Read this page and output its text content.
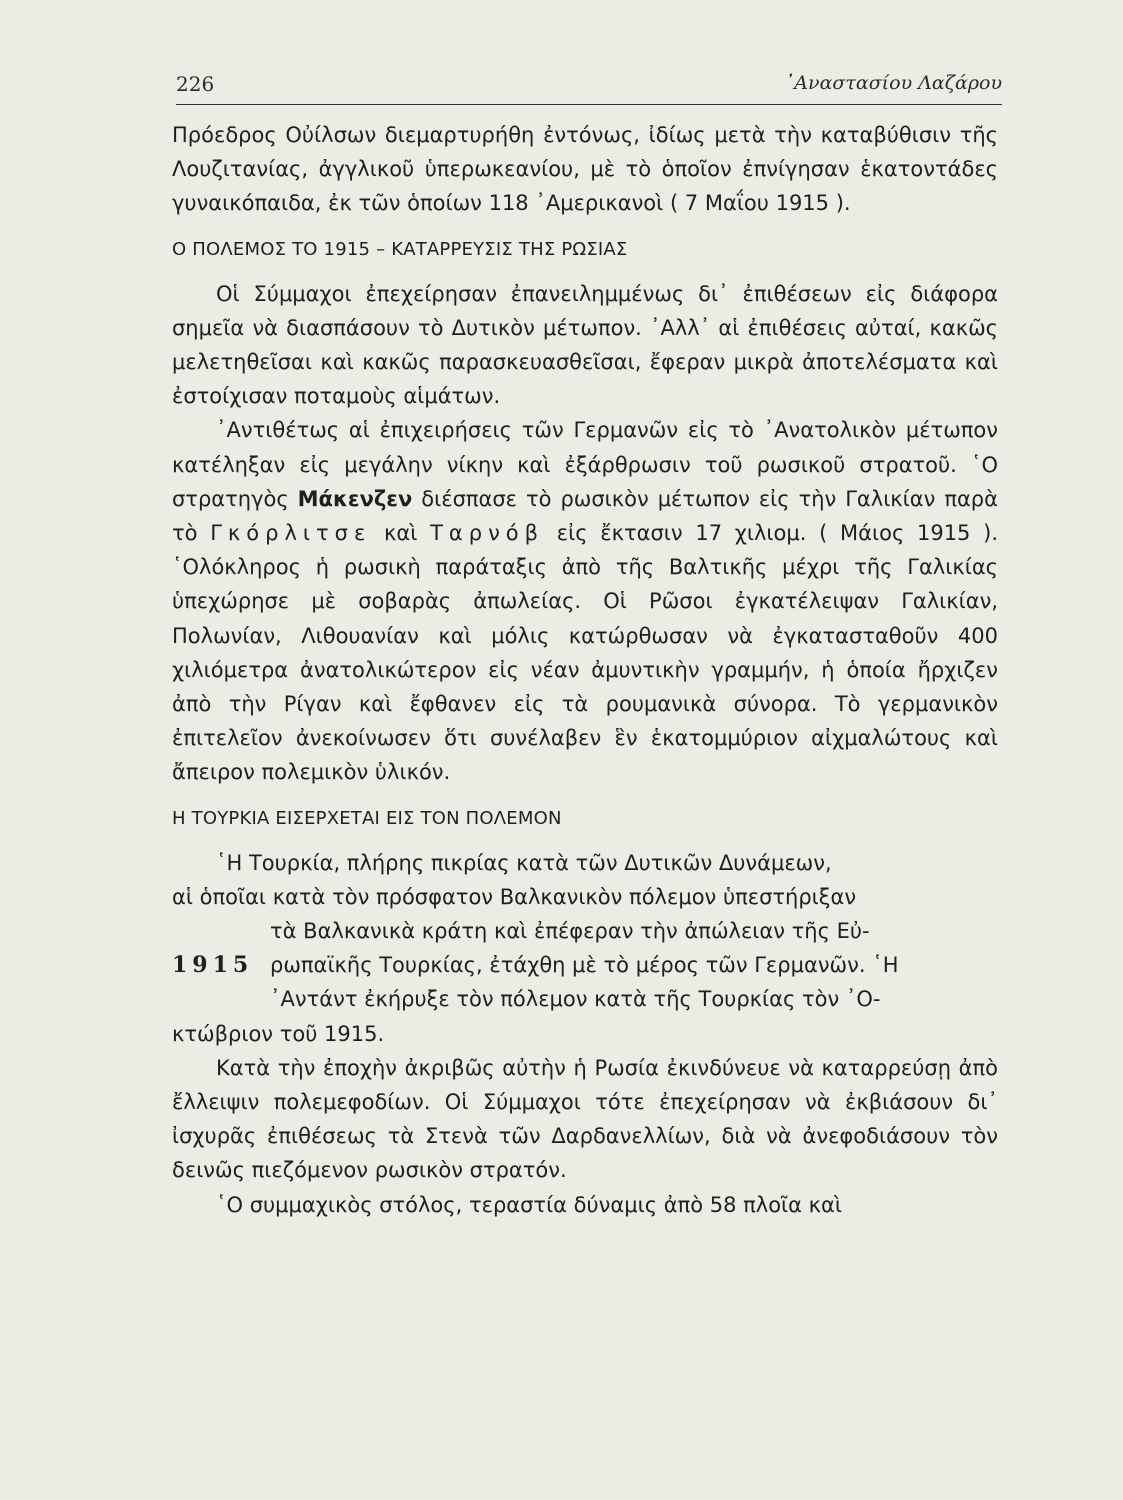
226	᾿Αναστασίου Λαζάρου

Πρόεδρος Οὐίλσων διεμαρτυρήθη ἐντόνως, ἰδίως μετὰ τὴν καταβύθισιν τῆς Λουζιτανίας, ἀγγλικοῦ ὑπερωκεανίου, μὲ τὸ ὁποῖον ἐπνίγησαν ἑκατοντάδες γυναικόπαιδα, ἐκ τῶν ὁποίων 118 ᾿Αμερικανοὶ ( 7 Μαΐου 1915 ).

Ο ΠΟΛΕΜΟΣ ΤΟ 1915 – ΚΑΤΑΡΡΕΥΣΙΣ ΤΗΣ ΡΩΣΙΑΣ

Οἱ Σύμμαχοι ἐπεχείρησαν ἐπανειλημμένως δι᾿ ἐπιθέσεων εἰς διάφορα σημεῖα νὰ διασπάσουν τὸ Δυτικὸν μέτωπον. ᾿Αλλ᾿ αἱ ἐπιθέσεις αὐταί, κακῶς μελετηθεῖσαι καὶ κακῶς παρασκευασθεῖσαι, ἔφεραν μικρὰ ἀποτελέσματα καὶ ἐστοίχισαν ποταμοὺς αἱμάτων.

᾿Αντιθέτως αἱ ἐπιχειρήσεις τῶν Γερμανῶν εἰς τὸ ᾿Ανατολικὸν μέτωπον κατέληξαν εἰς μεγάλην νίκην καὶ ἐξάρθρωσιν τοῦ ρωσικοῦ στρατοῦ. ῾Ο στρατηγὸς Μάκενζεν διέσπασε τὸ ρωσικὸν μέτωπον εἰς τὴν Γαλικίαν παρὰ τὸ Γκόρλιτσε καὶ Ταρνόβ εἰς ἔκτασιν 17 χιλιομ. ( Μάιος 1915 ). ῾Ολόκληρος ἡ ρωσικὴ παράταξις ἀπὸ τῆς Βαλτικῆς μέχρι τῆς Γαλικίας ὑπεχώρησε μὲ σοβαρὰς ἀπωλείας. Οἱ Ρῶσοι ἐγκατέλειψαν Γαλικίαν, Πολωνίαν, Λιθουανίαν καὶ μόλις κατώρθωσαν νὰ ἐγκατασταθοῦν 400 χιλιόμετρα ἀνατολικώτερον εἰς νέαν ἀμυντικὴν γραμμήν, ἡ ὁποία ἤρχιζεν ἀπὸ τὴν Ρίγαν καὶ ἔφθανεν εἰς τὰ ρουμανικὰ σύνορα. Τὸ γερμανικὸν ἐπιτελεῖον ἀνεκοίνωσεν ὅτι συνέλαβεν ἓν ἑκατομμύριον αἰχμαλώτους καὶ ἄπειρον πολεμικὸν ὑλικόν.

Η ΤΟΥΡΚΙΑ ΕΙΣΕΡΧΕΤΑΙ ΕΙΣ ΤΟΝ ΠΟΛΕΜΟΝ
῾Η Τουρκία, πλήρης πικρίας κατὰ τῶν Δυτικῶν Δυνάμεων,
αἱ ὁποῖαι κατὰ τὸν πρόσφατον Βαλκανικὸν πόλεμον ὑπεστήριξαν
τὰ Βαλκανικὰ κράτη καὶ ἐπέφεραν τὴν ἀπώλειαν τῆς Εὐ-
1915 ρωπαϊκῆς Τουρκίας, ἐτάχθη μὲ τὸ μέρος τῶν Γερμανῶν. ῾Η
᾿Αντάντ ἐκήρυξε τὸν πόλεμον κατὰ τῆς Τουρκίας τὸν ᾿Ο-
κτώβριον τοῦ 1915.

Κατὰ τὴν ἐποχὴν ἀκριβῶς αὐτὴν ἡ Ρωσία ἐκινδύνευε νὰ καταρρεύσῃ ἀπὸ ἔλλειψιν πολεμεφοδίων. Οἱ Σύμμαχοι τότε ἐπεχείρησαν νὰ ἐκβιάσουν δι᾿ ἰσχυρᾶς ἐπιθέσεως τὰ Στενὰ τῶν Δαρδανελλίων, διὰ νὰ ἀνεφοδιάσουν τὸν δεινῶς πιεζόμενον ρωσικὸν στρατόν.

῾Ο συμμαχικὸς στόλος, τεραστία δύναμις ἀπὸ 58 πλοῖα καὶ
